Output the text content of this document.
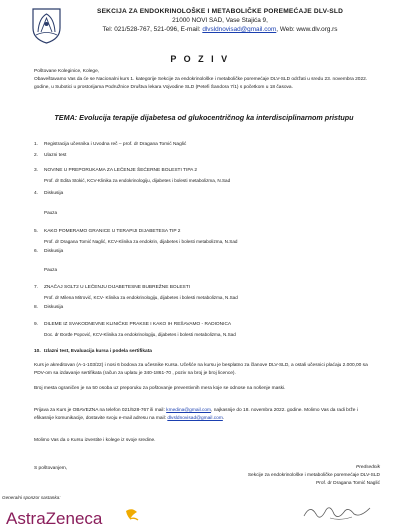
SEKCIJA ZA ENDOKRINOLOŠKE I METABOLIČKE POREMEĆAJE DLV-SLD
21000 NOVI SAD, Vase Stajića 9,
Tel: 021/528-767, 521-096, E-mail: dlvsldnovisad@gmail.com, Web: www.dlv.org.rs
P O Z I V
Poštovane Koleginice, Kolege,
Obaveštavamo Vas da će se Nacionalni kurs 1. kategorije Sekcije za endokrinološke i metaboličke poremećaje DLV-SLD održati u sredu 23. novembra 2022. godine, u Subotici u prostorijama Podružnice Društva lekara Vojvodine SLD (Petefi Šandora 7/1) s početkom u 18 časova.
TEMA: Evolucija terapije dijabetesa od glukocentričnog ka interdisciplinarnom pristupu
1.	Registracija učesnika i Uvodna reč – prof. dr Dragana Tomić Naglić
2.	Ulazni test
3.	NOVINE U PREPORUKAMA ZA LEČENJE ŠEĆERNE BOLESTI TIPA 2
Prof. dr Edita Stokić, KCV-Klinika za endokrinologiju, dijabetes i bolesti metabolizma, N.Sad
4.	Diskusija
Pauza
5.	KAKO POMERAMO GRANICE U TERAPIJI DIJABETESA TIP 2
Prof. dr Dragana Tomić Naglić, KCV-Klinika za endokrin, dijabetes i bolesti metabolizma, N.Sad
6.	Diskusija
Pauza
7.	ZNAČAJ SGLT2 U LEČENJU DIJABETESNE BUBREŽNE BOLESTI
Prof. dr Milena Mitrović, KCV- Klinika za endokrinologiju, dijabetes i bolesti metabolizma, N.Sad
8.	Diskusija
9.	DILEME IZ SVAKODNEVNE KLINIČKE PRAKSE I KAKO IH REŠAVAMO - RADIONICA
Doc. dr Đorđe Popović, KCV-Klinika za endokrinologiju, dijabetes i bolesti metabolizma, N.Sad
10. Izlazni test, Evaluacija kursa i podela sertifikata
Kurs je akreditovan (A-1-103/22) i nosi 6 bodova za učesnike Kursa. Učešće na kursu je besplatno za članove DLV-SLD, a ostali učesnici plaćaju 2.000,00 sa PDV-om sa izdavanje sertifikata (račun za uplatu je 340-1861-70 , poziv na broj je broj licence).
Broj mesta ograničen je na 50 osoba uz preporuku za poštovanje preventivnih mera koje se odnose na nošenje maski.
Prijava za Kurs je OBAVEZNA na telefon 021/528-767 ili mail: kmedina@gmail.com, najkasnije do 18. novembra 2022. godine. Molimo Vas da radi brže i efikasnije komunikacije, dostavite svoju e-mail adresu na mail: dlvsldnovisad@gmail.com.
Molimo Vas da o Kursu izvestite i kolege iz svoje sredine.
S poštovanjem,	Predsednik
Sekcije za endokrinološke i metaboličke poremećaje DLV-SLD
Prof. dr Dragana Tomić Naglić
Generalni sponzor sastanka:
AstraZeneca
